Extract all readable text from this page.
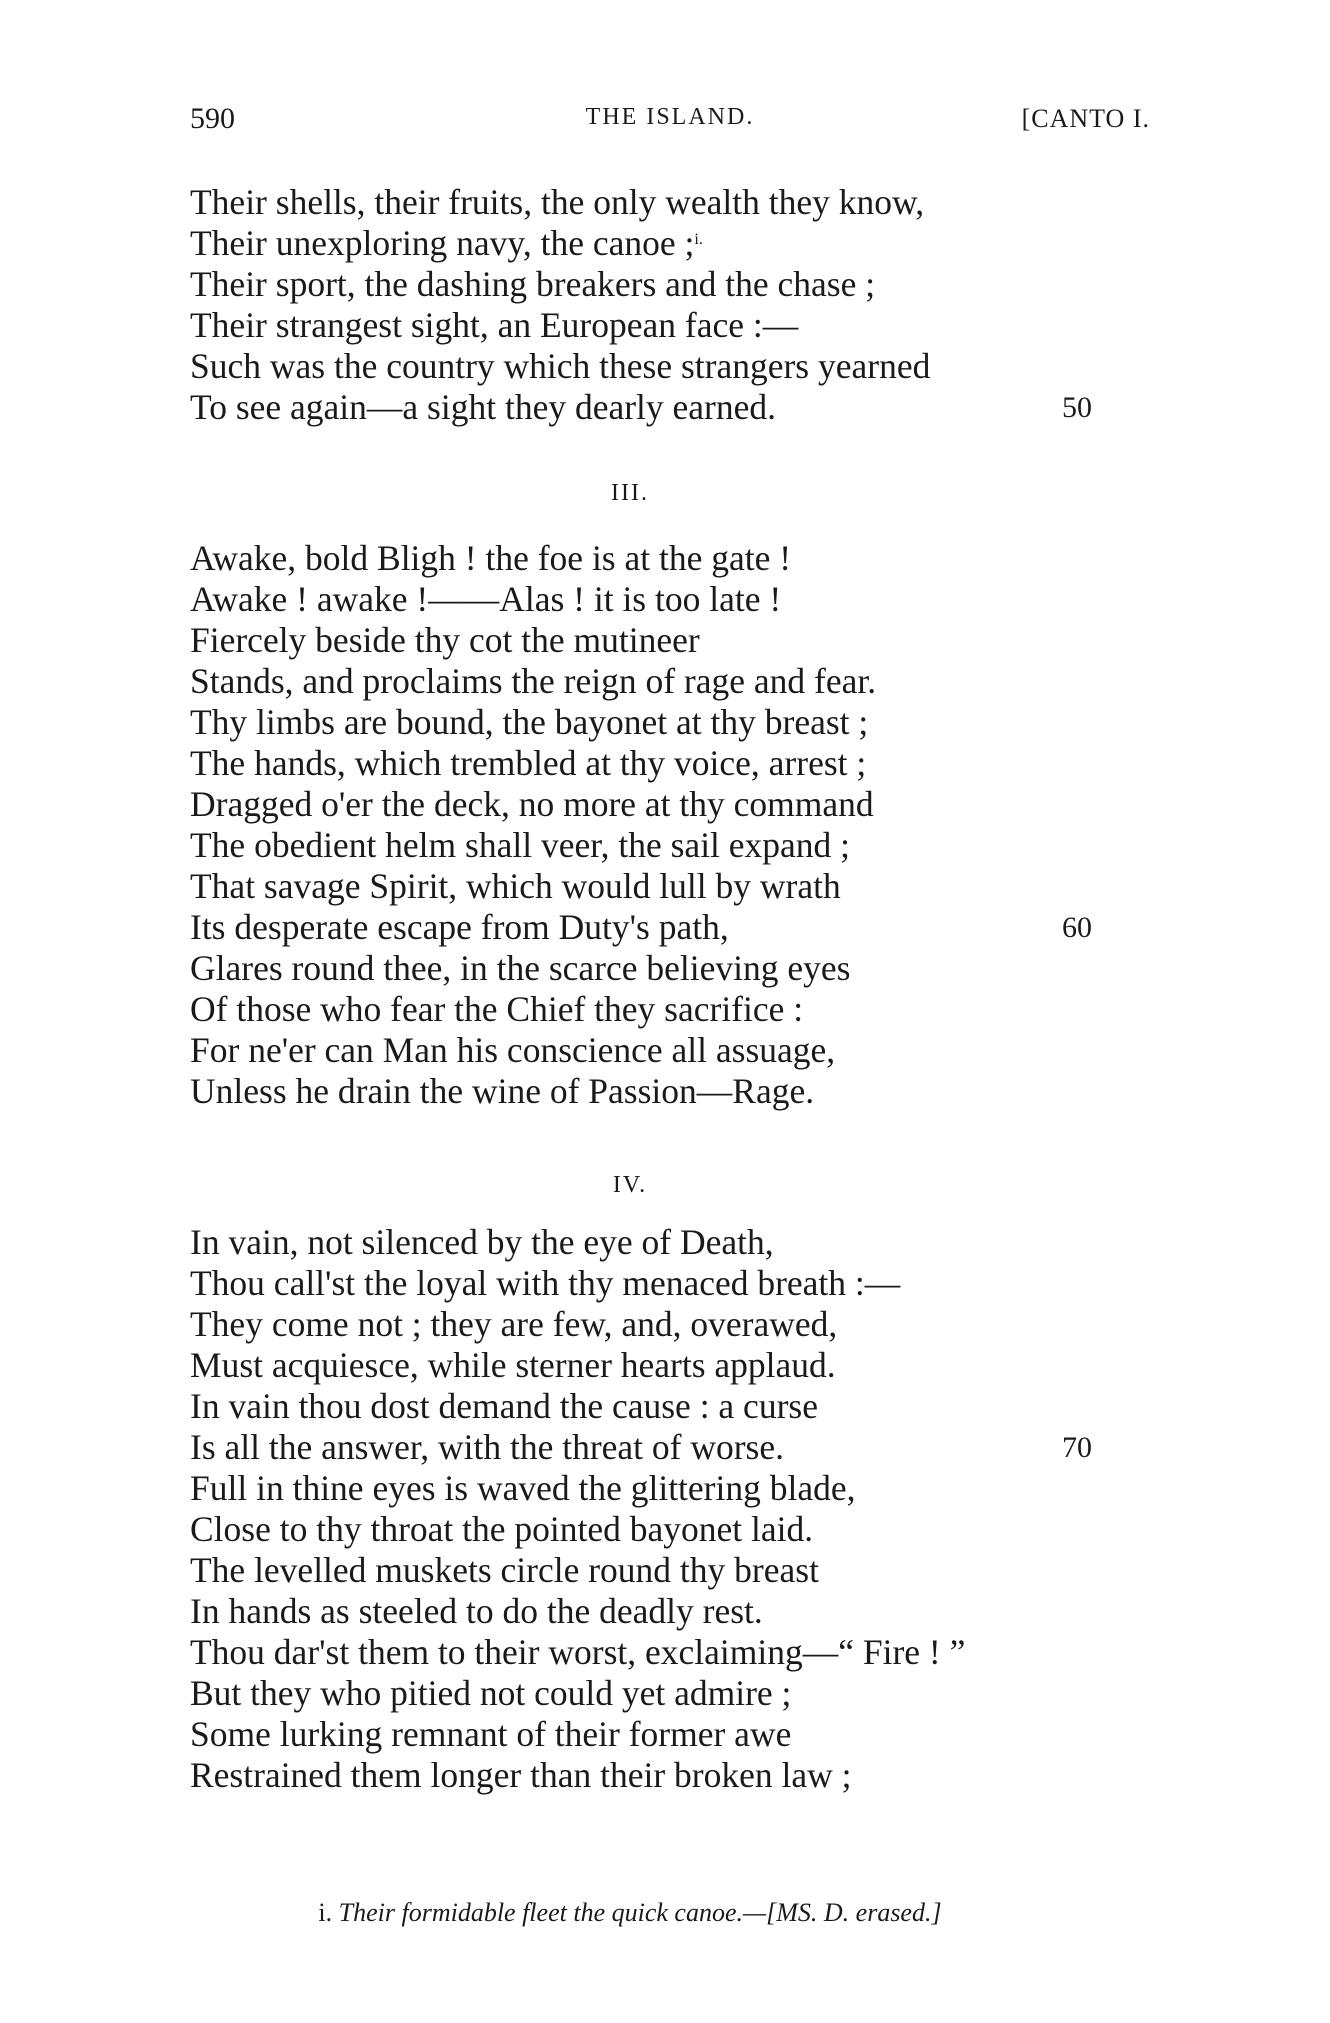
590	THE ISLAND.	[CANTO I.
Their shells, their fruits, the only wealth they know,
Their unexploring navy, the canoe ;$^{i.}$
Their sport, the dashing breakers and the chase ;
Their strangest sight, an European face :—
Such was the country which these strangers yearned
To see again—a sight they dearly earned.	50
III.
Awake, bold Bligh ! the foe is at the gate !
Awake ! awake !——Alas ! it is too late !
Fiercely beside thy cot the mutineer
Stands, and proclaims the reign of rage and fear.
Thy limbs are bound, the bayonet at thy breast ;
The hands, which trembled at thy voice, arrest ;
Dragged o'er the deck, no more at thy command
The obedient helm shall veer, the sail expand ;
That savage Spirit, which would lull by wrath
Its desperate escape from Duty's path,	60
Glares round thee, in the scarce believing eyes
Of those who fear the Chief they sacrifice :
For ne'er can Man his conscience all assuage,
Unless he drain the wine of Passion—Rage.
IV.
In vain, not silenced by the eye of Death,
Thou call'st the loyal with thy menaced breath :—
They come not ; they are few, and, overawed,
Must acquiesce, while sterner hearts applaud.
In vain thou dost demand the cause : a curse
Is all the answer, with the threat of worse.	70
Full in thine eyes is waved the glittering blade,
Close to thy throat the pointed bayonet laid.
The levelled muskets circle round thy breast
In hands as steeled to do the deadly rest.
Thou dar'st them to their worst, exclaiming—“ Fire ! ”
But they who pitied not could yet admire ;
Some lurking remnant of their former awe
Restrained them longer than their broken law ;
i. Their formidable fleet the quick canoe.—[MS. D. erased.]
